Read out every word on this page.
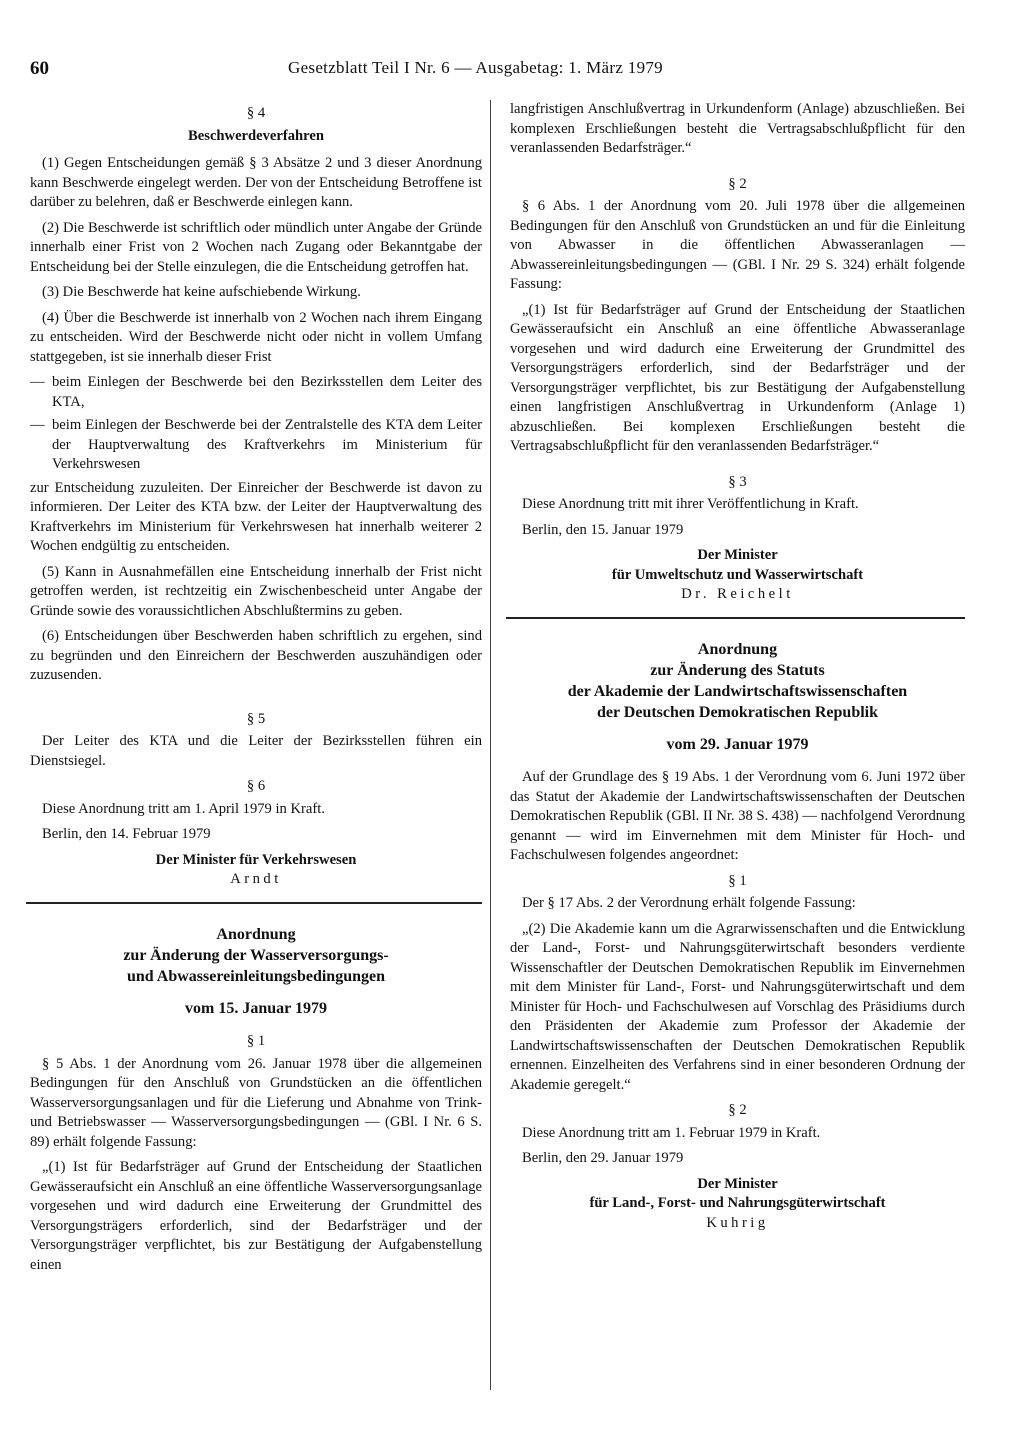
60	Gesetzblatt Teil I Nr. 6 — Ausgabetag: 1. März 1979
§ 4
Beschwerdeverfahren

(1) Gegen Entscheidungen gemäß § 3 Absätze 2 und 3 dieser Anordnung kann Beschwerde eingelegt werden. Der von der Entscheidung Betroffene ist darüber zu belehren, daß er Beschwerde einlegen kann.

(2) Die Beschwerde ist schriftlich oder mündlich unter Angabe der Gründe innerhalb einer Frist von 2 Wochen nach Zugang oder Bekanntgabe der Entscheidung bei der Stelle einzulegen, die die Entscheidung getroffen hat.

(3) Die Beschwerde hat keine aufschiebende Wirkung.

(4) Über die Beschwerde ist innerhalb von 2 Wochen nach ihrem Eingang zu entscheiden. Wird der Beschwerde nicht oder nicht in vollem Umfang stattgegeben, ist sie innerhalb dieser Frist

— beim Einlegen der Beschwerde bei den Bezirksstellen dem Leiter des KTA,
— beim Einlegen der Beschwerde bei der Zentralstelle des KTA dem Leiter der Hauptverwaltung des Kraftverkehrs im Ministerium für Verkehrswesen

zur Entscheidung zuzuleiten. Der Einreicher der Beschwerde ist davon zu informieren. Der Leiter des KTA bzw. der Leiter der Hauptverwaltung des Kraftverkehrs im Ministerium für Verkehrswesen hat innerhalb weiterer 2 Wochen endgültig zu entscheiden.

(5) Kann in Ausnahmefällen eine Entscheidung innerhalb der Frist nicht getroffen werden, ist rechtzeitig ein Zwischenbescheid unter Angabe der Gründe sowie des voraussichtlichen Abschlußtermins zu geben.

(6) Entscheidungen über Beschwerden haben schriftlich zu ergehen, sind zu begründen und den Einreichern der Beschwerden auszuhändigen oder zuzusenden.

§ 5

Der Leiter des KTA und die Leiter der Bezirksstellen führen ein Dienstsiegel.

§ 6

Diese Anordnung tritt am 1. April 1979 in Kraft.

Berlin, den 14. Februar 1979

Der Minister für Verkehrswesen
Arndt
Anordnung
zur Änderung der Wasserversorgungs-
und Abwassereinleitungsbedingungen
vom 15. Januar 1979
§ 1

§ 5 Abs. 1 der Anordnung vom 26. Januar 1978 über die allgemeinen Bedingungen für den Anschluß von Grundstücken an die öffentlichen Wasserversorgungsanlagen und für die Lieferung und Abnahme von Trink- und Betriebswasser — Wasserversorgungsbedingungen — (GBl. I Nr. 6 S. 89) erhält folgende Fassung:

„(1) Ist für Bedarfsträger auf Grund der Entscheidung der Staatlichen Gewässeraufsicht ein Anschluß an eine öffentliche Wasserversorgungsanlage vorgesehen und wird dadurch eine Erweiterung der Grundmittel des Versorgungsträgers erforderlich, sind der Bedarfsträger und der Versorgungsträger verpflichtet, bis zur Bestätigung der Aufgabenstellung einen

langfristigen Anschlußvertrag in Urkundenform (Anlage) abzuschließen. Bei komplexen Erschließungen besteht die Vertragsabschlußpflicht für den veranlassenden Bedarfsträger.“

§ 2

§ 6 Abs. 1 der Anordnung vom 20. Juli 1978 über die allgemeinen Bedingungen für den Anschluß von Grundstücken an und für die Einleitung von Abwasser in die öffentlichen Abwasseranlagen — Abwassereinleitungsbedingungen — (GBl. I Nr. 29 S. 324) erhält folgende Fassung:

„(1) Ist für Bedarfsträger auf Grund der Entscheidung der Staatlichen Gewässeraufsicht ein Anschluß an eine öffentliche Abwasseranlage vorgesehen und wird dadurch eine Erweiterung der Grundmittel des Versorgungsträgers erforderlich, sind der Bedarfsträger und der Versorgungsträger verpflichtet, bis zur Bestätigung der Aufgabenstellung einen langfristigen Anschlußvertrag in Urkundenform (Anlage 1) abzuschließen. Bei komplexen Erschließungen besteht die Vertragsabschlußpflicht für den veranlassenden Bedarfsträger.“

§ 3

Diese Anordnung tritt mit ihrer Veröffentlichung in Kraft.

Berlin, den 15. Januar 1979

Der Minister
für Umweltschutz und Wasserwirtschaft
Dr. Reichelt
Anordnung
zur Änderung des Statuts
der Akademie der Landwirtschaftswissenschaften
der Deutschen Demokratischen Republik
vom 29. Januar 1979

Auf der Grundlage des § 19 Abs. 1 der Verordnung vom 6. Juni 1972 über das Statut der Akademie der Landwirtschaftswissenschaften der Deutschen Demokratischen Republik (GBl. II Nr. 38 S. 438) — nachfolgend Verordnung genannt — wird im Einvernehmen mit dem Minister für Hoch- und Fachschulwesen folgendes angeordnet:

§ 1

Der § 17 Abs. 2 der Verordnung erhält folgende Fassung:

„(2) Die Akademie kann um die Agrarwissenschaften und die Entwicklung der Land-, Forst- und Nahrungsgüterwirtschaft besonders verdiente Wissenschaftler der Deutschen Demokratischen Republik im Einvernehmen mit dem Minister für Land-, Forst- und Nahrungsgüterwirtschaft und dem Minister für Hoch- und Fachschulwesen auf Vorschlag des Präsidiums durch den Präsidenten der Akademie zum Professor der Akademie der Landwirtschaftswissenschaften der Deutschen Demokratischen Republik ernennen. Einzelheiten des Verfahrens sind in einer besonderen Ordnung der Akademie geregelt.“

§ 2

Diese Anordnung tritt am 1. Februar 1979 in Kraft.

Berlin, den 29. Januar 1979

Der Minister
für Land-, Forst- und Nahrungsgüterwirtschaft
Kuhrig
